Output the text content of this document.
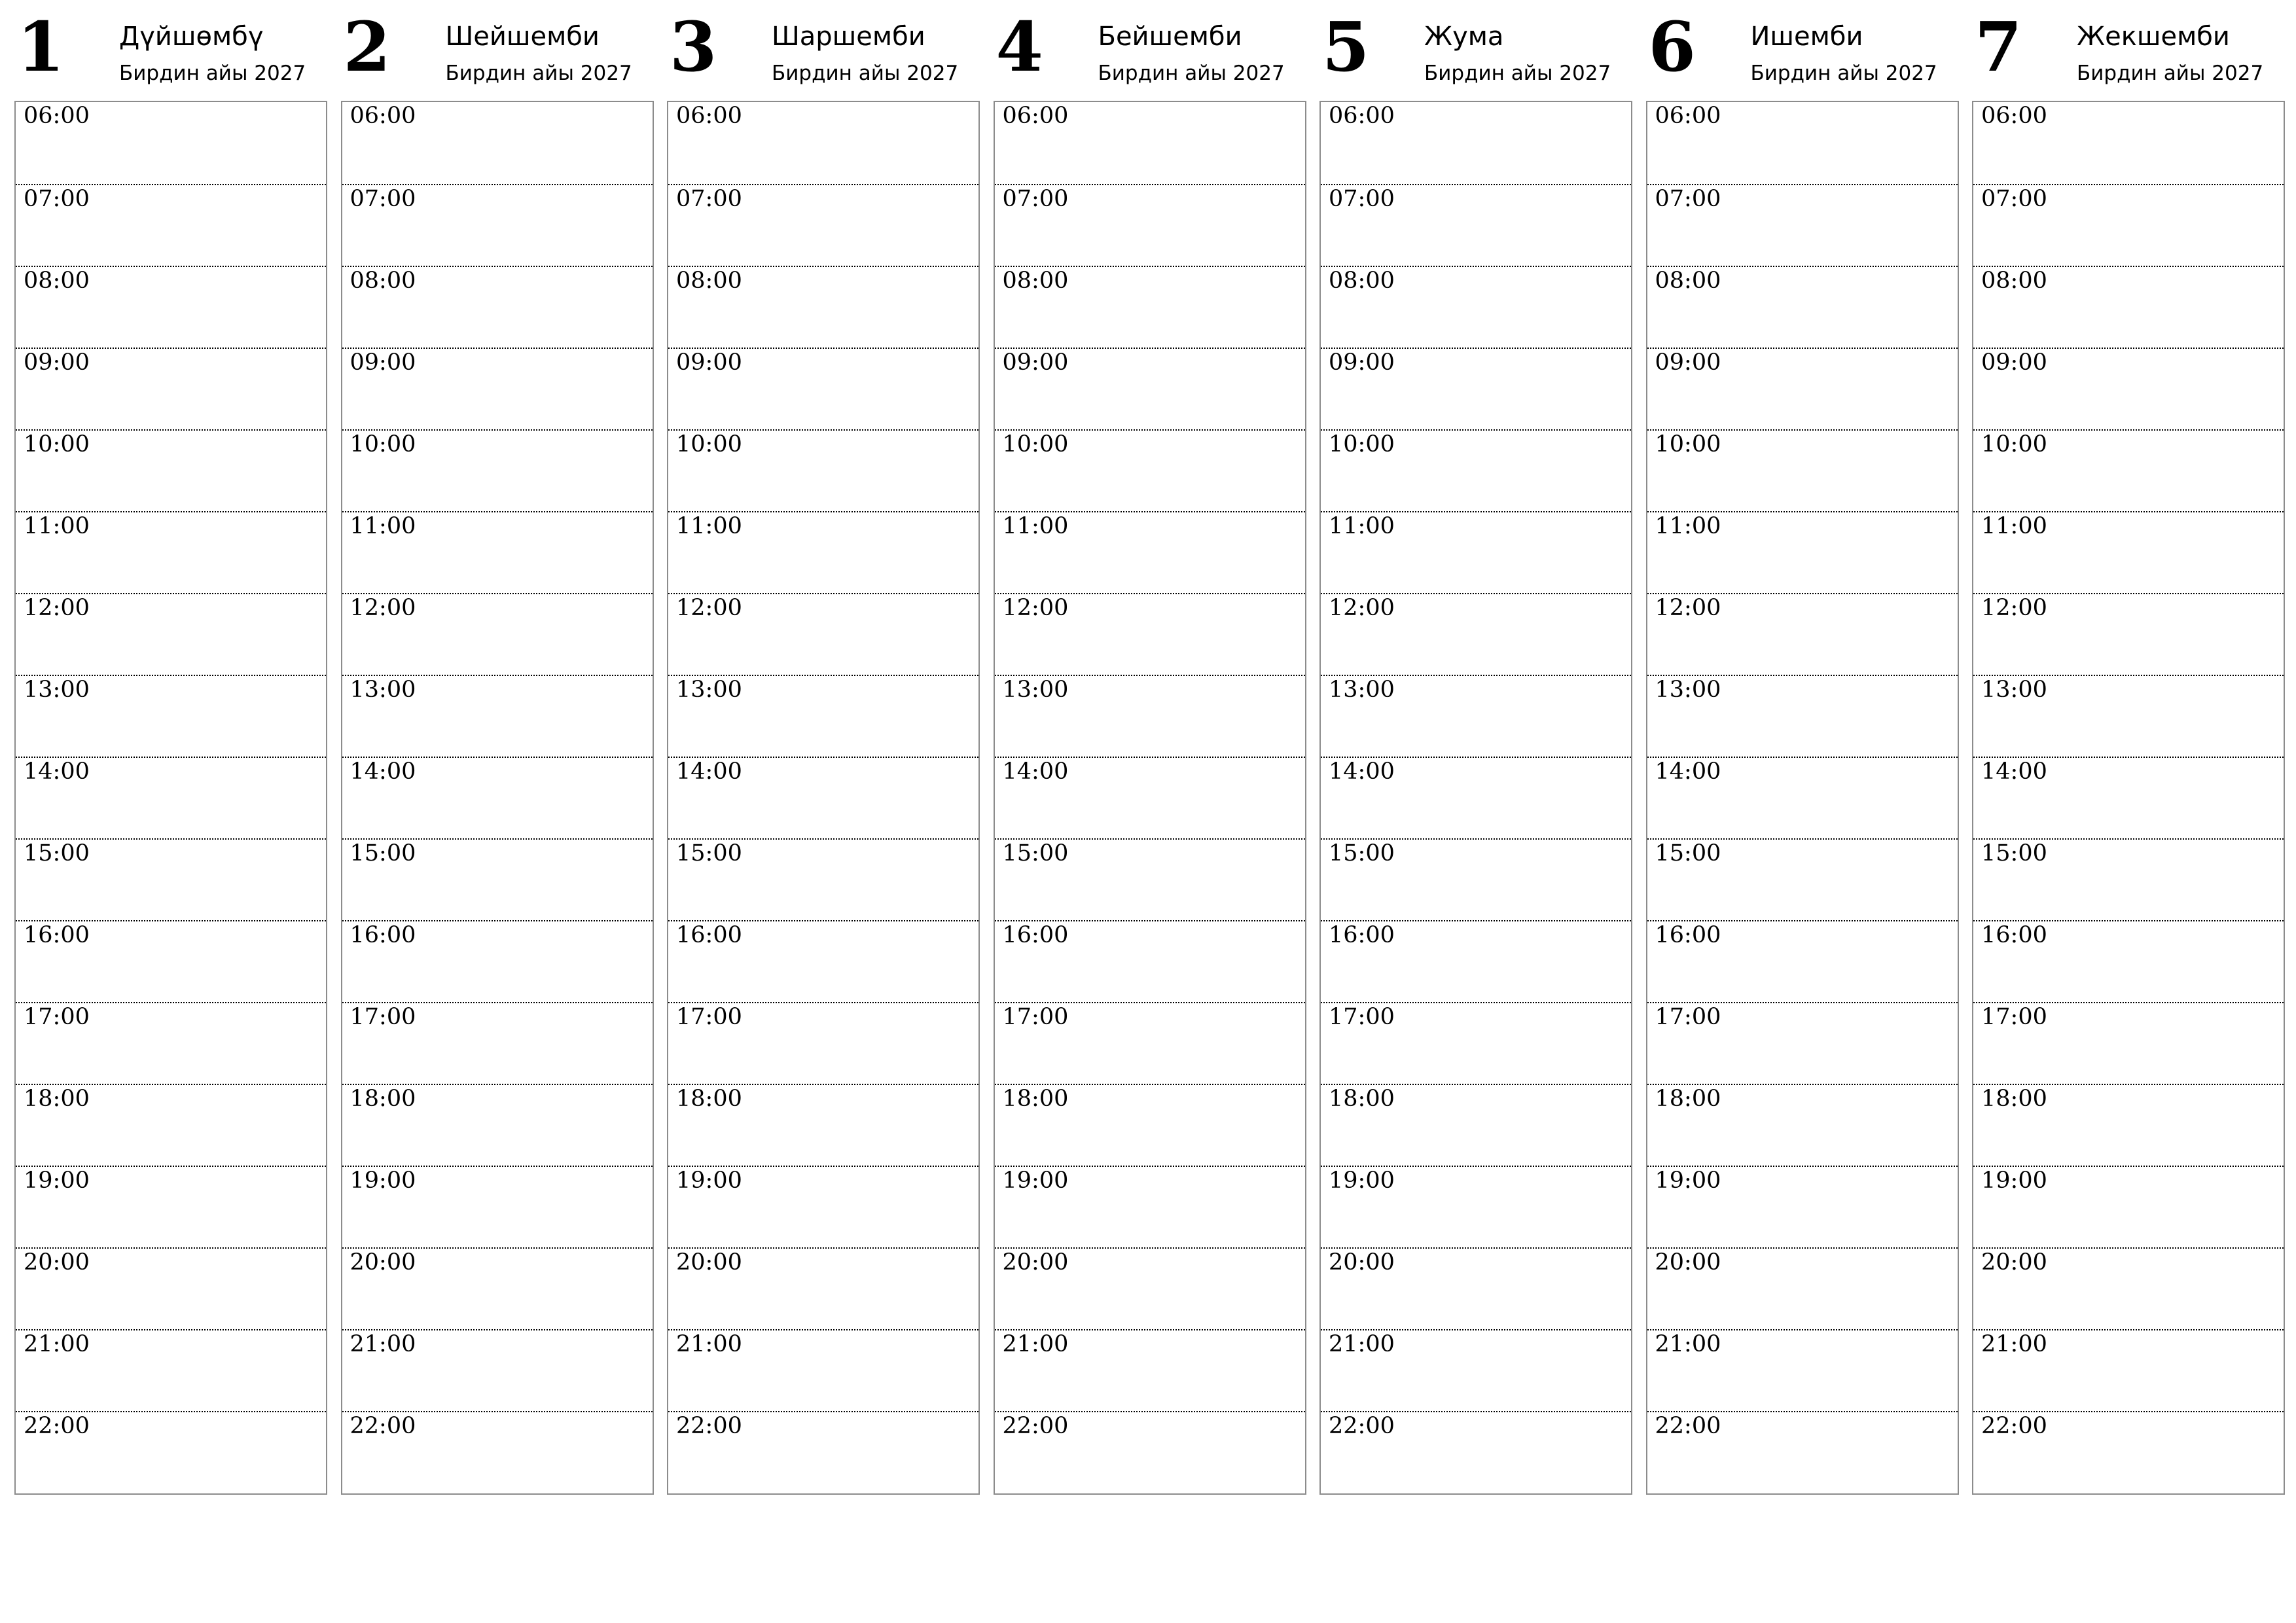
1 Дүйшөмбү
Бирдин айы 2027
06:00
07:00
08:00
09:00
10:00
11:00
12:00
13:00
14:00
15:00
16:00
17:00
18:00
19:00
20:00
21:00
22:00
2 Шейшемби
Бирдин айы 2027
06:00
07:00
08:00
09:00
10:00
11:00
12:00
13:00
14:00
15:00
16:00
17:00
18:00
19:00
20:00
21:00
22:00
3 Шаршемби
Бирдин айы 2027
06:00
07:00
08:00
09:00
10:00
11:00
12:00
13:00
14:00
15:00
16:00
17:00
18:00
19:00
20:00
21:00
22:00
4 Бейшемби
Бирдин айы 2027
06:00
07:00
08:00
09:00
10:00
11:00
12:00
13:00
14:00
15:00
16:00
17:00
18:00
19:00
20:00
21:00
22:00
5 Жума
Бирдин айы 2027
06:00
07:00
08:00
09:00
10:00
11:00
12:00
13:00
14:00
15:00
16:00
17:00
18:00
19:00
20:00
21:00
22:00
6 Ишемби
Бирдин айы 2027
06:00
07:00
08:00
09:00
10:00
11:00
12:00
13:00
14:00
15:00
16:00
17:00
18:00
19:00
20:00
21:00
22:00
7 Жекшемби
Бирдин айы 2027
06:00
07:00
08:00
09:00
10:00
11:00
12:00
13:00
14:00
15:00
16:00
17:00
18:00
19:00
20:00
21:00
22:00
